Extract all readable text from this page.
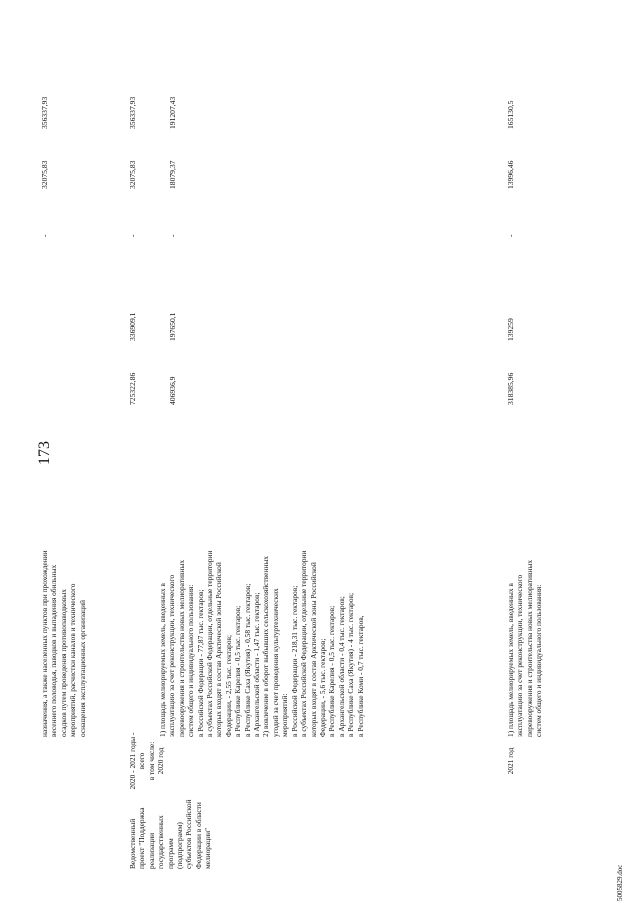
173
5005829.doc
назначения, а также населенных пунктов при прохождении весеннего половодья, паводков и выпадения обильных осадков путем проведения противопаводковых мероприятий, расчистки каналов и технического оснащения эксплуатационных организаций
-
32075,83
356337,93
Ведомственный проект "Поддержка реализации государственных программ (подпрограмм) субъектов Российской Федерации в области мелиорации"
2020 - 2021 годы - всего в том числе: 2020 год
725322,86
336909,1
-
32075,83
356337,93
1) площадь мелиорируемых земель, введенных в эксплуатацию за счет реконструкции, технического перевооружения и строительства новых мелиоративных систем общего и индивидуального пользования: в Российской Федерации - 77,87 тыс. гектаров; в субъектах Российской Федерации, отдельные территории которых входят в состав Арктической зоны Российской Федерации, - 2,55 тыс. гектаров; в Республике Карелия - 0,5 тыс. гектаров; в Республике Саха (Якутия) - 0,58 тыс. гектаров; в Архангельской области - 1,47 тыс. гектаров; 2) вовлечение в оборот выбывших сельскохозяйственных угодий за счет проведения культуртехнических мероприятий: в Российской Федерации - 218,31 тыс. гектаров; в субъектах Российской Федерации, отдельные территории которых входят в состав Арктической зоны Российской Федерации, - 5,6 тыс. гектаров; в Республике Карелия - 0,5 тыс. гектаров; в Архангельской области - 0,4 тыс. гектаров; в Республике Саха (Якутия) - 4 тыс. гектаров; в Республике Коми - 0,7 тыс. гектаров,
406936,9
197650,1
-
18079,37
191207,43
2021 год
1) площадь мелиорируемых земель, введенных в эксплуатацию за счет реконструкции, технического перевооружения и строительства новых мелиоративных систем общего и индивидуального пользования:
318385,96
139259
-
13996,46
165130,5
